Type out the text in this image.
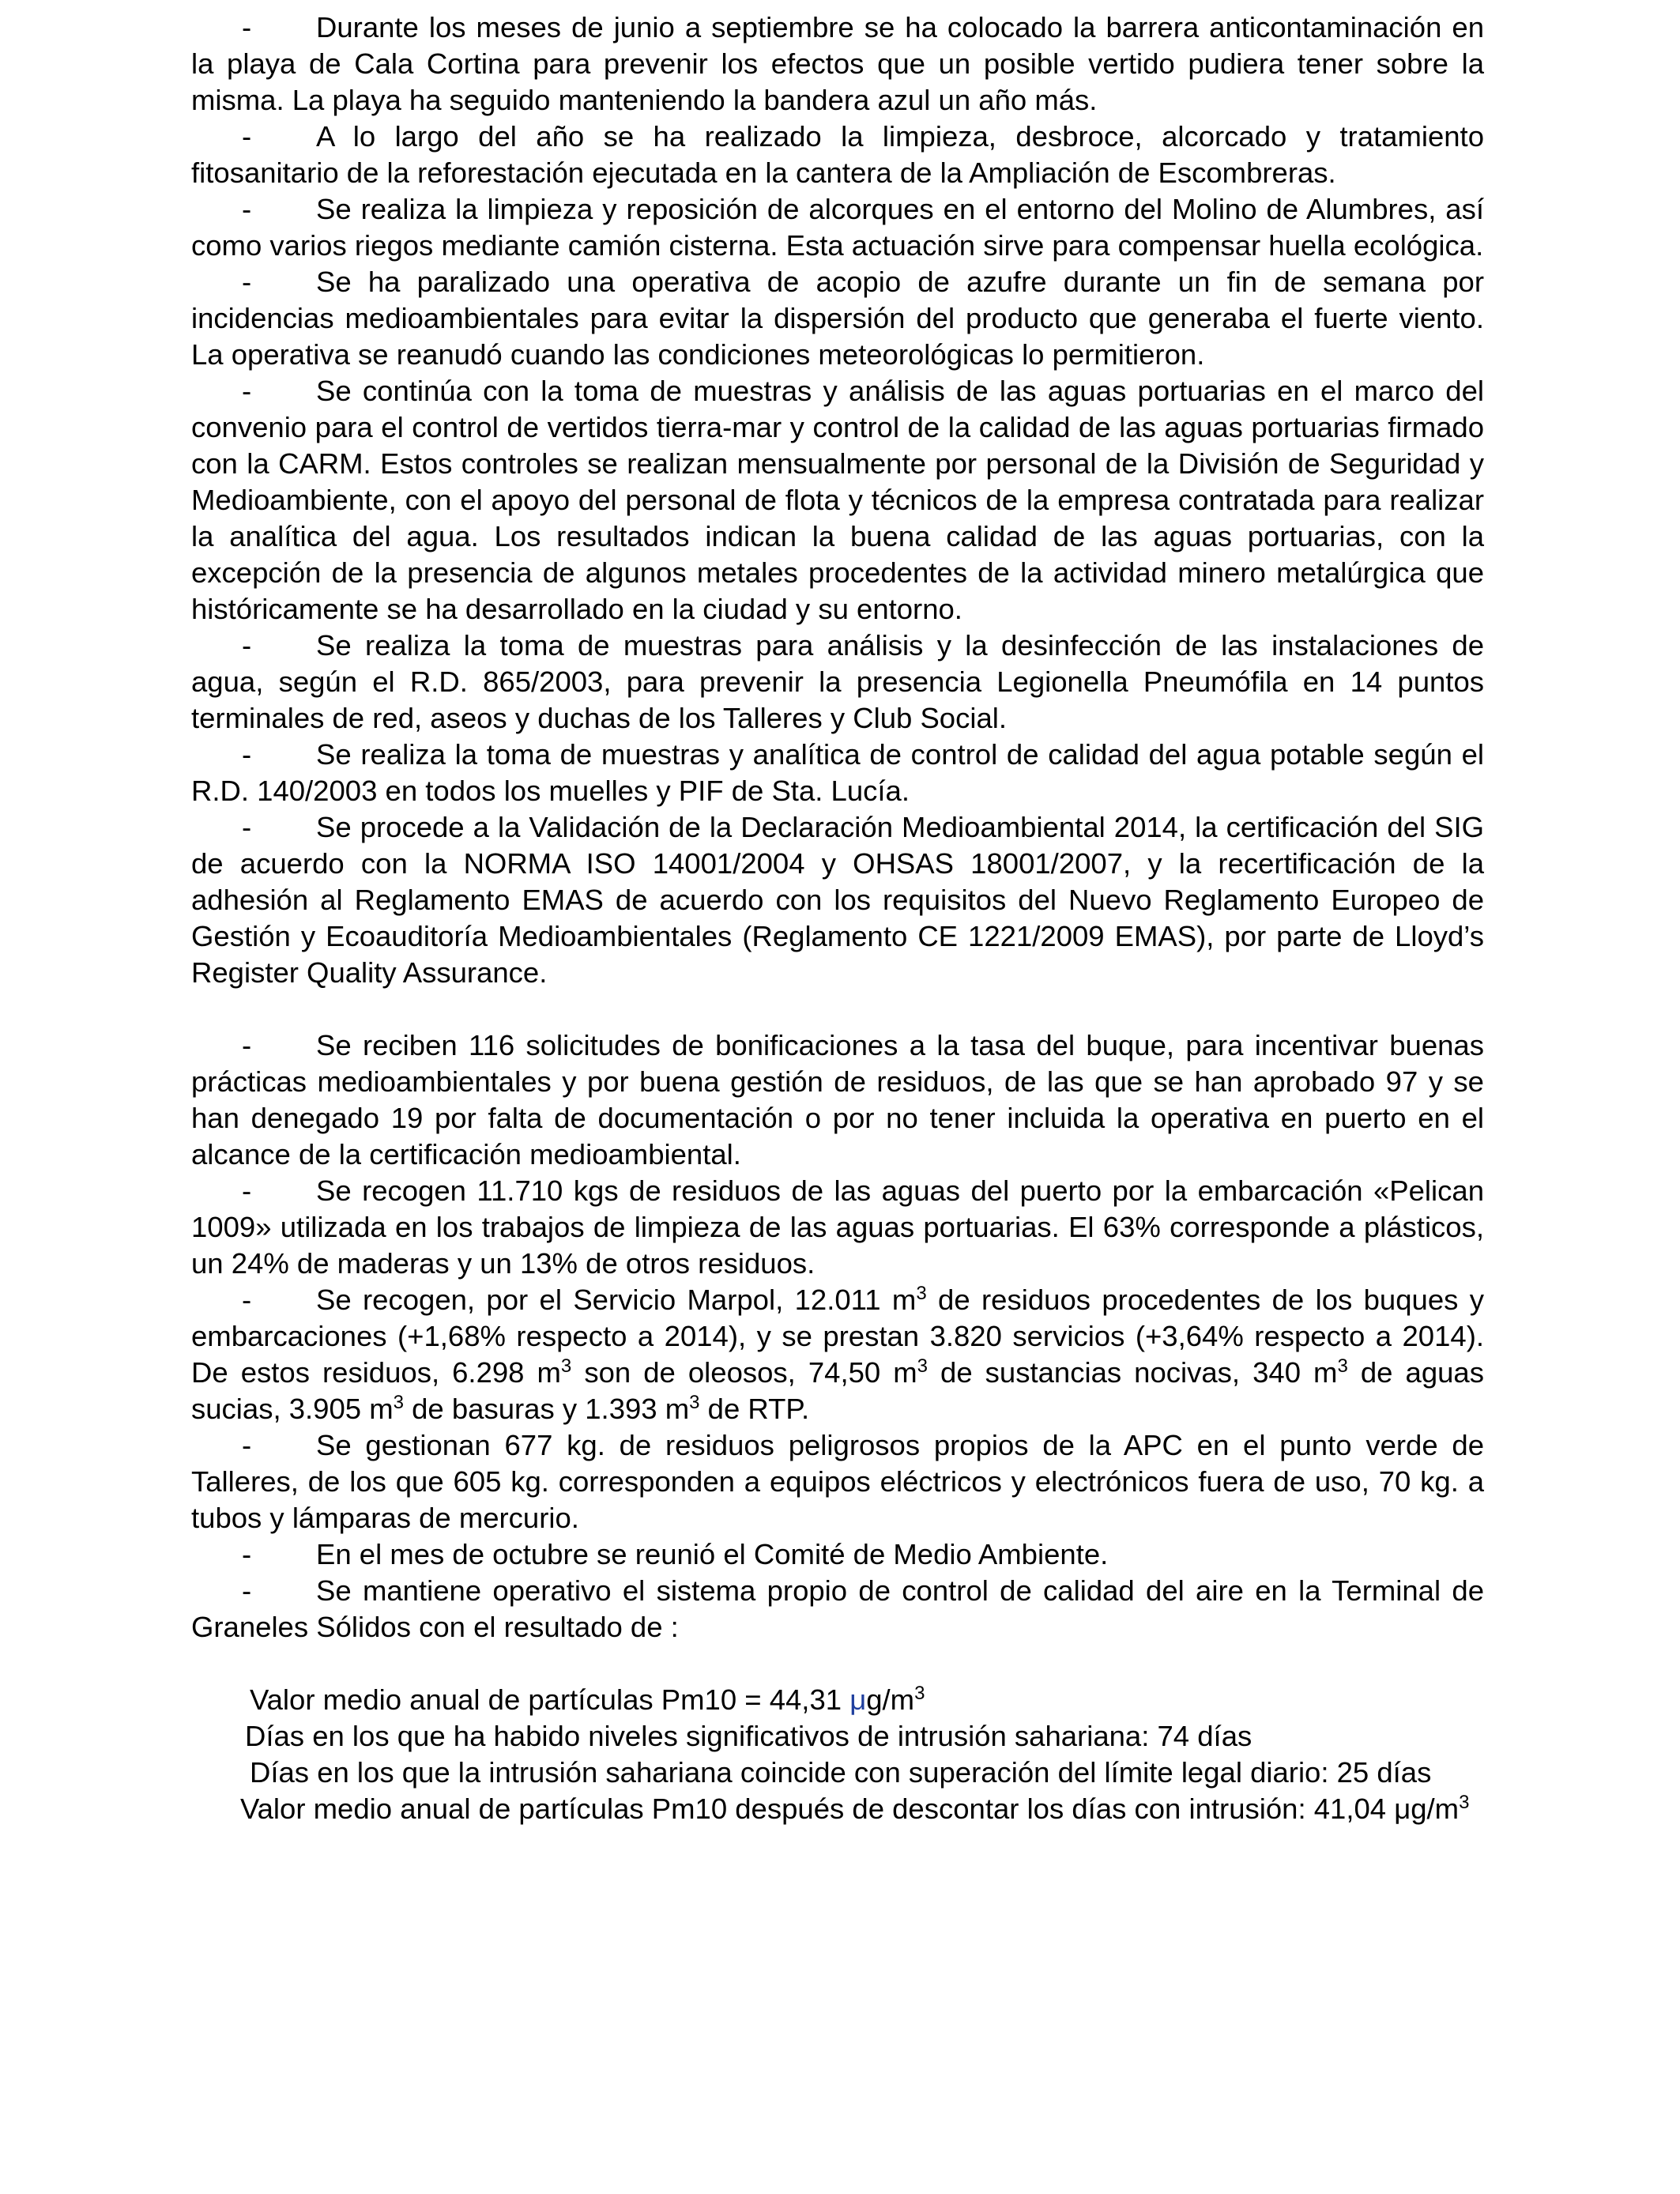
- Durante los meses de junio a septiembre se ha colocado la barrera anticontaminación en la playa de Cala Cortina para prevenir los efectos que un posible vertido pudiera tener sobre la misma. La playa ha seguido manteniendo la bandera azul un año más.

- A lo largo del año se ha realizado la limpieza, desbroce, alcorcado y tratamiento fitosanitario de la reforestación ejecutada en la cantera de la Ampliación de Escombreras.

- Se realiza la limpieza y reposición de alcorques en el entorno del Molino de Alumbres, así como varios riegos mediante camión cisterna. Esta actuación sirve para compensar huella ecológica.

- Se ha paralizado una operativa de acopio de azufre durante un fin de semana por incidencias medioambientales para evitar la dispersión del producto que generaba el fuerte viento. La operativa se reanudó cuando las condiciones meteorológicas lo permitieron.

- Se continúa con la toma de muestras y análisis de las aguas portuarias en el marco del convenio para el control de vertidos tierra-mar y control de la calidad de las aguas portuarias firmado con la CARM. Estos controles se realizan mensualmente por personal de la División de Seguridad y Medioambiente, con el apoyo del personal de flota y técnicos de la empresa contratada para realizar la analítica del agua. Los resultados indican la buena calidad de las aguas portuarias, con la excepción de la presencia de algunos metales procedentes de la actividad minero metalúrgica que históricamente se ha desarrollado en la ciudad y su entorno.

- Se realiza la toma de muestras para análisis y la desinfección de las instalaciones de agua, según el R.D. 865/2003, para prevenir la presencia Legionella Pneumófila en 14 puntos terminales de red, aseos y duchas de los Talleres y Club Social.

- Se realiza la toma de muestras y analítica de control de calidad del agua potable según el R.D. 140/2003 en todos los muelles y PIF de Sta. Lucía.

- Se procede a la Validación de la Declaración Medioambiental 2014, la certificación del SIG de acuerdo con la NORMA ISO 14001/2004 y OHSAS 18001/2007, y la recertificación de la adhesión al Reglamento EMAS de acuerdo con los requisitos del Nuevo Reglamento Europeo de Gestión y Ecoauditoría Medioambientales (Reglamento CE 1221/2009 EMAS), por parte de Lloyd’s Register Quality Assurance.

- Se reciben 116 solicitudes de bonificaciones a la tasa del buque, para incentivar buenas prácticas medioambientales y por buena gestión de residuos, de las que se han aprobado 97 y se han denegado 19 por falta de documentación o por no tener incluida la operativa en puerto en el alcance de la certificación medioambiental.

- Se recogen 11.710 kgs de residuos de las aguas del puerto por la embarcación «Pelican 1009» utilizada en los trabajos de limpieza de las aguas portuarias. El 63% corresponde a plásticos, un 24% de maderas y un 13% de otros residuos.

- Se recogen, por el Servicio Marpol, 12.011 $m^3$ de residuos procedentes de los buques y embarcaciones (+1,68% respecto a 2014), y se prestan 3.820 servicios (+3,64% respecto a 2014). De estos residuos, 6.298 $m^3$ son de oleosos, 74,50 $m^3$ de sustancias nocivas, 340 $m^3$ de aguas sucias, 3.905 $m^3$ de basuras y 1.393 $m^3$ de RTP.

- Se gestionan 677 kg. de residuos peligrosos propios de la APC en el punto verde de Talleres, de los que 605 kg. corresponden a equipos eléctricos y electrónicos fuera de uso, 70 kg. a tubos y lámparas de mercurio.

- En el mes de octubre se reunió el Comité de Medio Ambiente.

- Se mantiene operativo el sistema propio de control de calidad del aire en la Terminal de Graneles Sólidos con el resultado de :

Valor medio anual de partículas Pm10 = 44,31 $\mu g/m^3$

Días en los que ha habido niveles significativos de intrusión sahariana: 74 días

Días en los que la intrusión sahariana coincide con superación del límite legal diario: 25 días

Valor medio anual de partículas Pm10 después de descontar los días con intrusión: 41,04 $\mu g/m^3$
